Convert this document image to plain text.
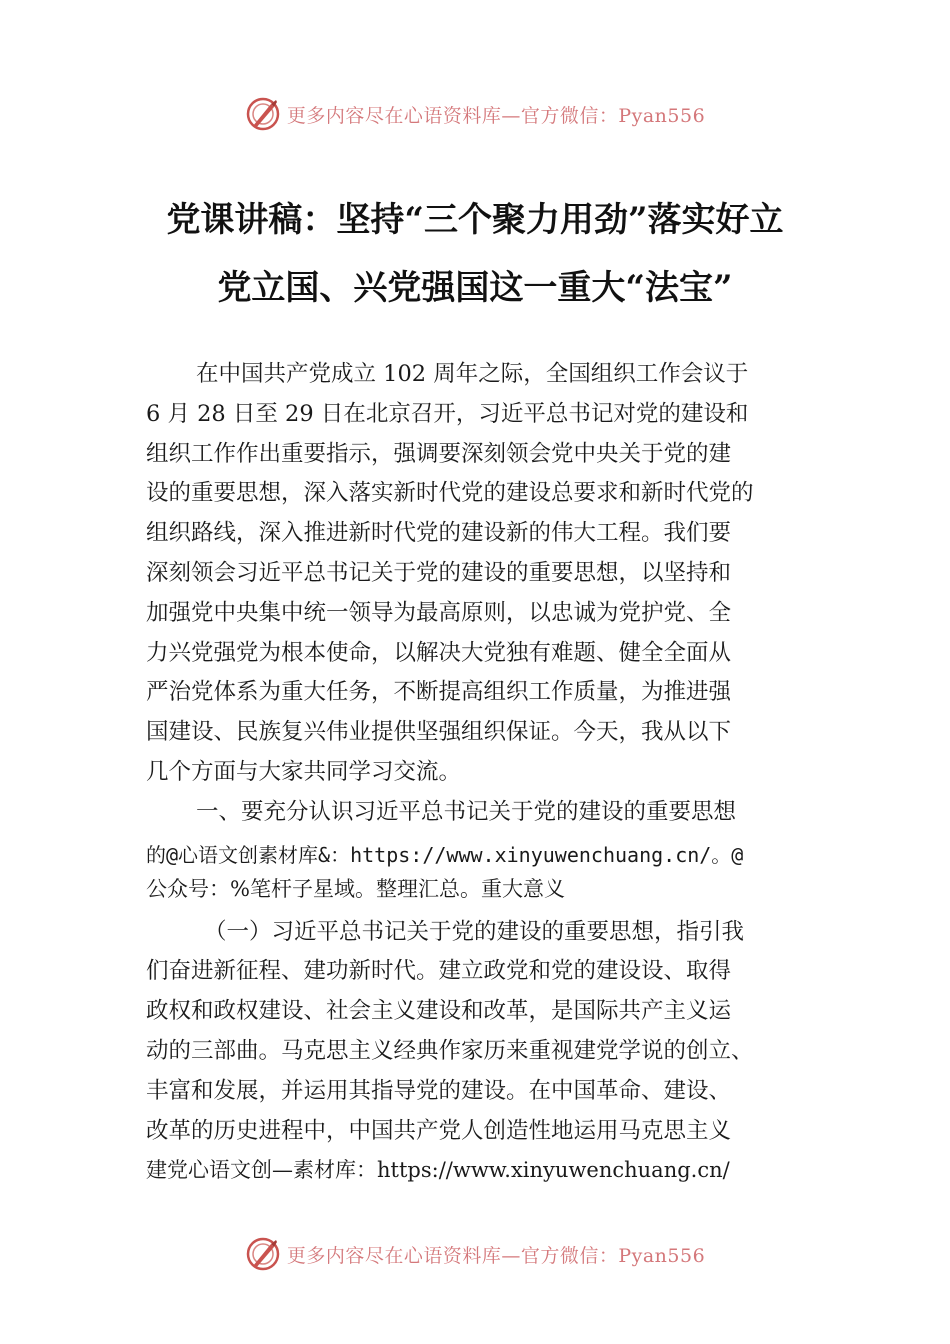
更多内容尽在心语资料库—官方微信：Pyan556
党课讲稿：坚持“三个聚力用劲”落实好立
党立国、兴党强国这一重大“法宝”
在中国共产党成立 102 周年之际，全国组织工作会议于
6 月 28 日至 29 日在北京召开，习近平总书记对党的建设和
组织工作作出重要指示，强调要深刻领会党中央关于党的建
设的重要思想，深入落实新时代党的建设总要求和新时代党的
组织路线，深入推进新时代党的建设新的伟大工程。我们要
深刻领会习近平总书记关于党的建设的重要思想，以坚持和
加强党中央集中统一领导为最高原则，以忠诚为党护党、全
力兴党强党为根本使命，以解决大党独有难题、健全全面从
严治党体系为重大任务，不断提高组织工作质量，为推进强
国建设、民族复兴伟业提供坚强组织保证。今天，我从以下
几个方面与大家共同学习交流。
一、要充分认识习近平总书记关于党的建设的重要思想
的@心语文创素材库&：https://www.xinyuwenchuang.cn/。@
公众号：%笔杆子星域。整理汇总。重大意义
（一）习近平总书记关于党的建设的重要思想，指引我
们奋进新征程、建功新时代。建立政党和党的建设设、取得
政权和政权建设、社会主义建设和改革，是国际共产主义运
动的三部曲。马克思主义经典作家历来重视建党学说的创立、
丰富和发展，并运用其指导党的建设。在中国革命、建设、
改革的历史进程中，中国共产党人创造性地运用马克思主义
建党心语文创—素材库：https://www.xinyuwenchuang.cn/
更多内容尽在心语资料库—官方微信：Pyan556
